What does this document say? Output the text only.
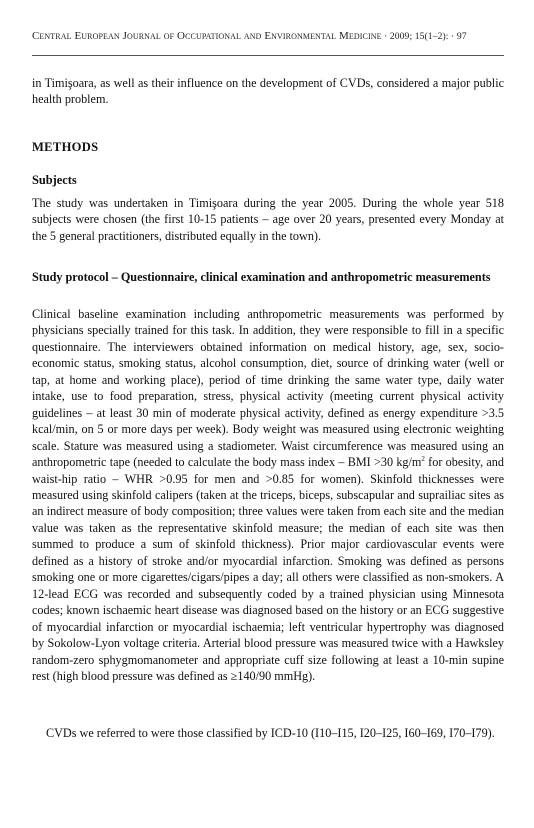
Central European Journal of Occupational and Environmental Medicine · 2009; 15(1–2): · 97

in Timişoara, as well as their influence on the development of CVDs, considered a major public health problem.

METHODS
Subjects

The study was undertaken in Timişoara during the year 2005. During the whole year 518 subjects were chosen (the first 10-15 patients – age over 20 years, presented every Monday at the 5 general practitioners, distributed equally in the town).

Study protocol – Questionnaire, clinical examination and anthropometric measurements

Clinical baseline examination including anthropometric measurements was performed by physicians specially trained for this task. In addition, they were responsible to fill in a specific questionnaire. The interviewers obtained information on medical history, age, sex, socio-economic status, smoking status, alcohol consumption, diet, source of drinking water (well or tap, at home and working place), period of time drinking the same water type, daily water intake, use to food preparation, stress, physical activity (meeting current physical activity guidelines – at least 30 min of moderate physical activity, defined as energy expenditure >3.5 kcal/min, on 5 or more days per week). Body weight was measured using electronic weighting scale. Stature was measured using a stadiometer. Waist circumference was measured using an anthropometric tape (needed to calculate the body mass index – BMI >30 $kg/m^2$ for obesity, and waist-hip ratio – WHR >0.95 for men and >0.85 for women). Skinfold thicknesses were measured using skinfold calipers (taken at the triceps, biceps, subscapular and suprailiac sites as an indirect measure of body composition; three values were taken from each site and the median value was taken as the representative skinfold measure; the median of each site was then summed to produce a sum of skinfold thickness). Prior major cardiovascular events were defined as a history of stroke and/or myocardial infarction. Smoking was defined as persons smoking one or more cigarettes/cigars/pipes a day; all others were classified as non-smokers. A 12-lead ECG was recorded and subsequently coded by a trained physician using Minnesota codes; known ischaemic heart disease was diagnosed based on the history or an ECG suggestive of myocardial infarction or myocardial ischaemia; left ventricular hypertrophy was diagnosed by Sokolow-Lyon voltage criteria. Arterial blood pressure was measured twice with a Hawksley random-zero sphygmomanometer and appropriate cuff size following at least a 10-min supine rest (high blood pressure was defined as ≥140/90 mmHg).

CVDs we referred to were those classified by ICD-10 (I10–I15, I20–I25, I60–I69, I70–I79).
